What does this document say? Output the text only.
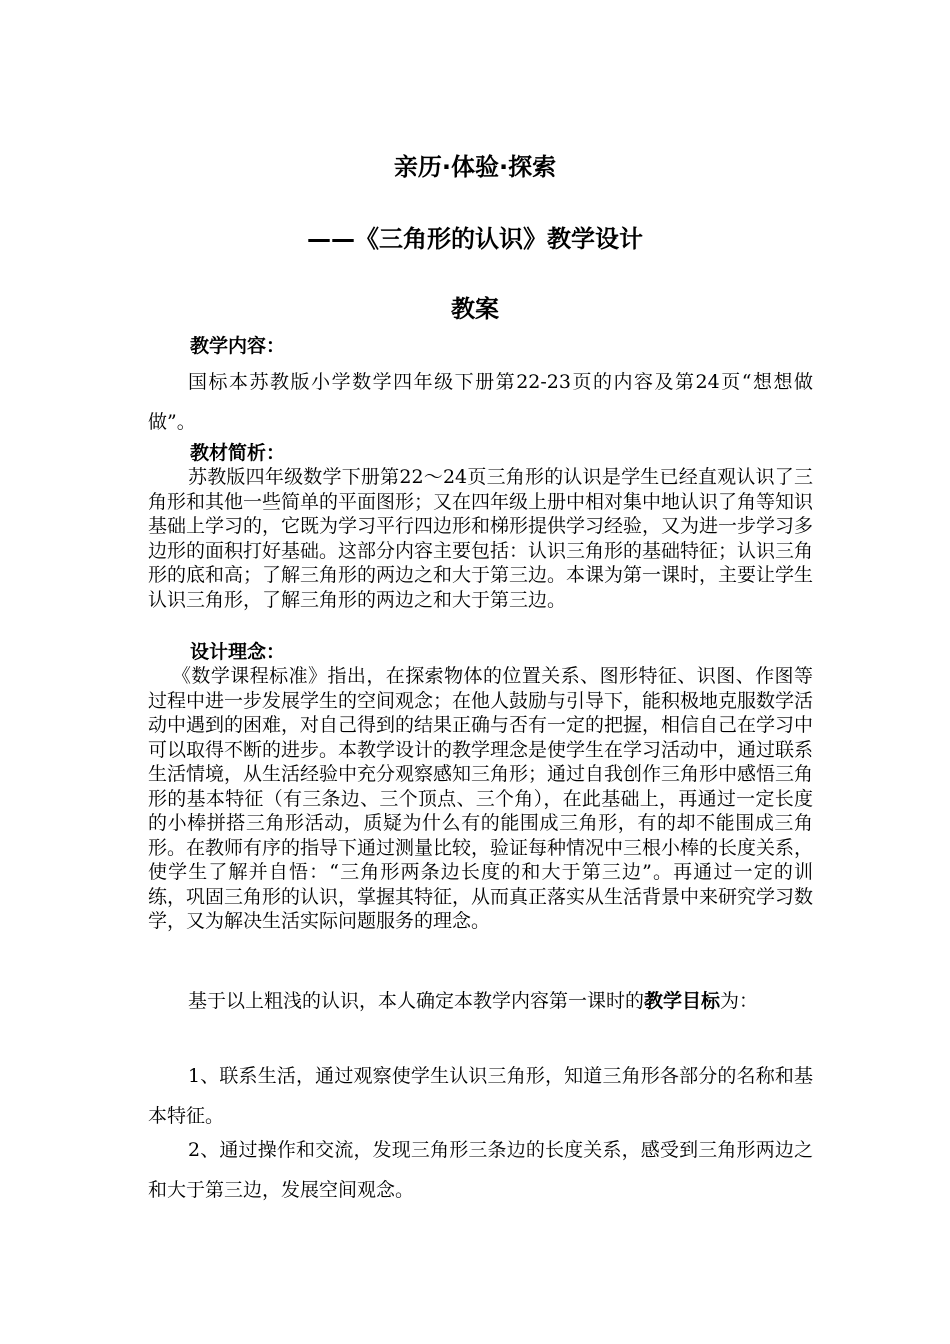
亲历·体验·探索
——《三角形的认识》教学设计
教案
教学内容：

国标本苏教版小学数学四年级下册第22-23页的内容及第24页“想想做做”。

教材简析：

苏教版四年级数学下册第22～24页三角形的认识是学生已经直观认识了三角形和其他一些简单的平面图形；又在四年级上册中相对集中地认识了角等知识基础上学习的，它既为学习平行四边形和梯形提供学习经验，又为进一步学习多边形的面积打好基础。这部分内容主要包括：认识三角形的基础特征；认识三角形的底和高；了解三角形的两边之和大于第三边。本课为第一课时，主要让学生认识三角形，了解三角形的两边之和大于第三边。

设计理念：

《数学课程标准》指出，在探索物体的位置关系、图形特征、识图、作图等过程中进一步发展学生的空间观念；在他人鼓励与引导下，能积极地克服数学活动中遇到的困难，对自己得到的结果正确与否有一定的把握，相信自己在学习中可以取得不断的进步。本教学设计的教学理念是使学生在学习活动中，通过联系生活情境，从生活经验中充分观察感知三角形；通过自我创作三角形中感悟三角形的基本特征（有三条边、三个顶点、三个角），在此基础上，再通过一定长度的小棒拼搭三角形活动，质疑为什么有的能围成三角形，有的却不能围成三角形。在教师有序的指导下通过测量比较，验证每种情况中三根小棒的长度关系，使学生了解并自悟：“三角形两条边长度的和大于第三边”。再通过一定的训练，巩固三角形的认识，掌握其特征，从而真正落实从生活背景中来研究学习数学，又为解决生活实际问题服务的理念。

基于以上粗浅的认识，本人确定本教学内容第一课时的教学目标为：

1、联系生活，通过观察使学生认识三角形，知道三角形各部分的名称和基本特征。

2、通过操作和交流，发现三角形三条边的长度关系，感受到三角形两边之和大于第三边，发展空间观念。
